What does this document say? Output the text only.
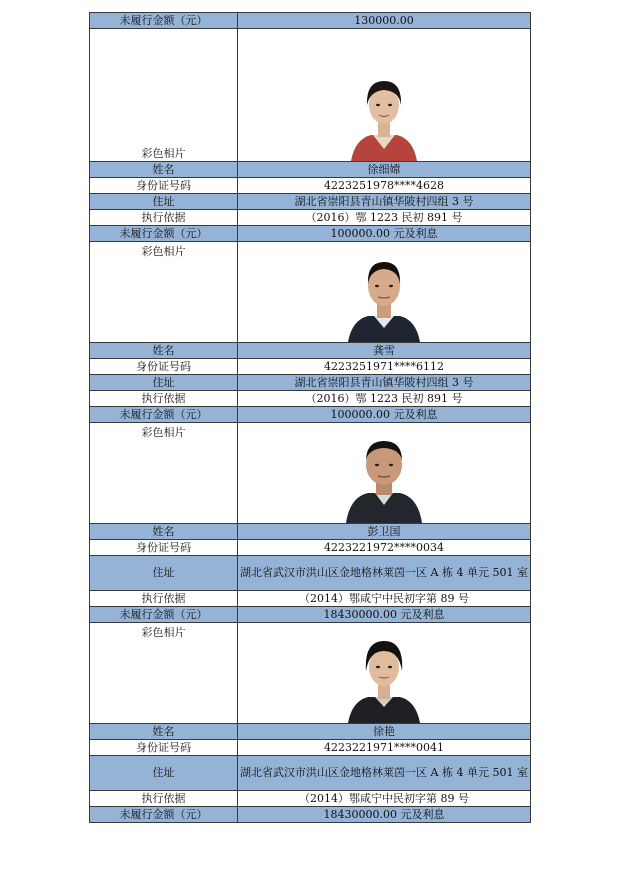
未履行金额（元）	130000.00
彩色相片	

姓名	徐细嫦
身份证号码	4223251978****4628
住址	湖北省崇阳县青山镇华陂村四组 3 号
执行依据	（2016）鄂 1223 民初 891 号
未履行金额（元）	100000.00 元及利息
彩色相片	

姓名	龚雪
身份证号码	4223251971****6112
住址	湖北省崇阳县青山镇华陂村四组 3 号
执行依据	（2016）鄂 1223 民初 891 号
未履行金额（元）	100000.00 元及利息
彩色相片	

姓名	彭卫国
身份证号码	4223221972****0034
住址	湖北省武汉市洪山区金地格林莱茵一区 A 栋 4 单元 501 室
执行依据	（2014）鄂咸宁中民初字第 89 号
未履行金额（元）	18430000.00 元及利息
彩色相片	

姓名	徐艳
身份证号码	4223221971****0041
住址	湖北省武汉市洪山区金地格林莱茵一区 A 栋 4 单元 501 室
执行依据	（2014）鄂咸宁中民初字第 89 号
未履行金额（元）	18430000.00 元及利息
